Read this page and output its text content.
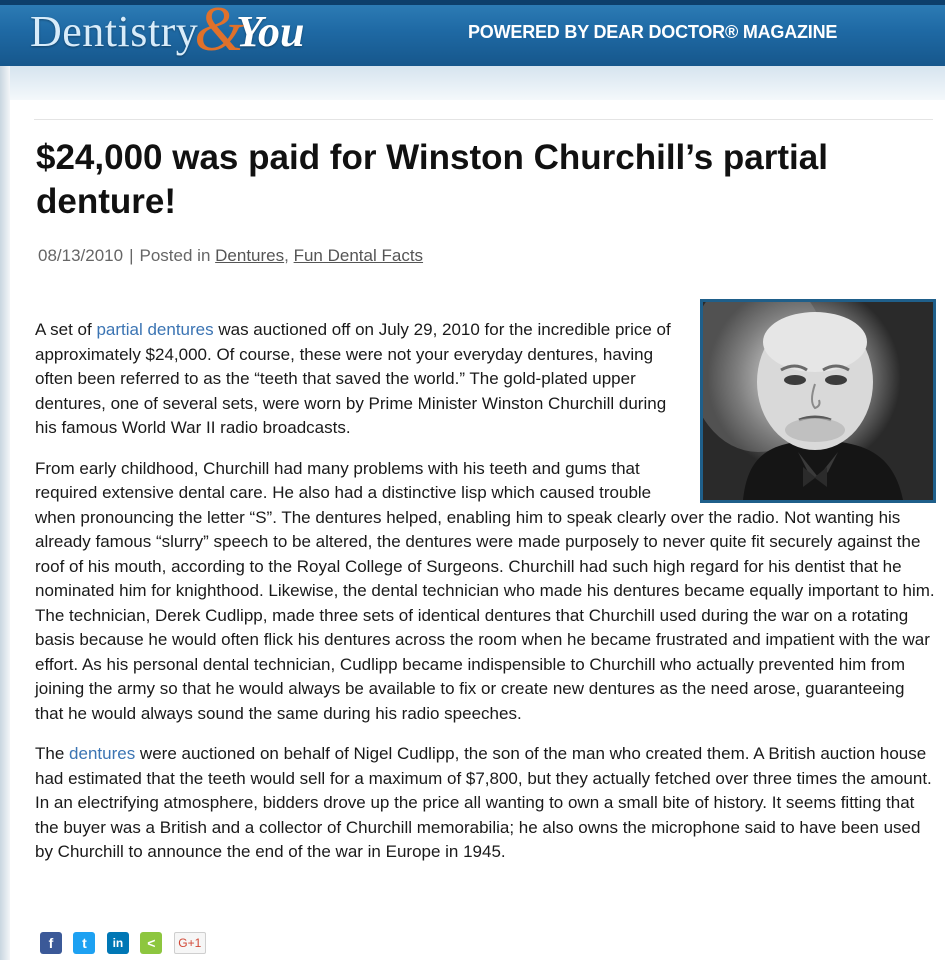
Dentistry&You	POWERED BY DEAR DOCTOR® MAGAZINE
$24,000 was paid for Winston Churchill’s partial denture!
08/13/2010 | Posted in Dentures, Fun Dental Facts

A set of partial dentures was auctioned off on July 29, 2010 for the incredible price of approximately $24,000. Of course, these were not your everyday dentures, having often been referred to as the “teeth that saved the world.” The gold-plated upper dentures, one of several sets, were worn by Prime Minister Winston Churchill during his famous World War II radio broadcasts.

From early childhood, Churchill had many problems with his teeth and gums that required extensive dental care. He also had a distinctive lisp which caused trouble when pronouncing the letter “S”. The dentures helped, enabling him to speak clearly over the radio. Not wanting his already famous “slurry” speech to be altered, the dentures were made purposely to never quite fit securely against the roof of his mouth, according to the Royal College of Surgeons. Churchill had such high regard for his dentist that he nominated him for knighthood. Likewise, the dental technician who made his dentures became equally important to him. The technician, Derek Cudlipp, made three sets of identical dentures that Churchill used during the war on a rotating basis because he would often flick his dentures across the room when he became frustrated and impatient with the war effort. As his personal dental technician, Cudlipp became indispensible to Churchill who actually prevented him from joining the army so that he would always be available to fix or create new dentures as the need arose, guaranteeing that he would always sound the same during his radio speeches.

The dentures were auctioned on behalf of Nigel Cudlipp, the son of the man who created them. A British auction house had estimated that the teeth would sell for a maximum of $7,800, but they actually fetched over three times the amount. In an electrifying atmosphere, bidders drove up the price all wanting to own a small bite of history. It seems fitting that the buyer was a British and a collector of Churchill memorabilia; he also owns the microphone said to have been used by Churchill to announce the end of the war in Europe in 1945.

f t in < G+1
